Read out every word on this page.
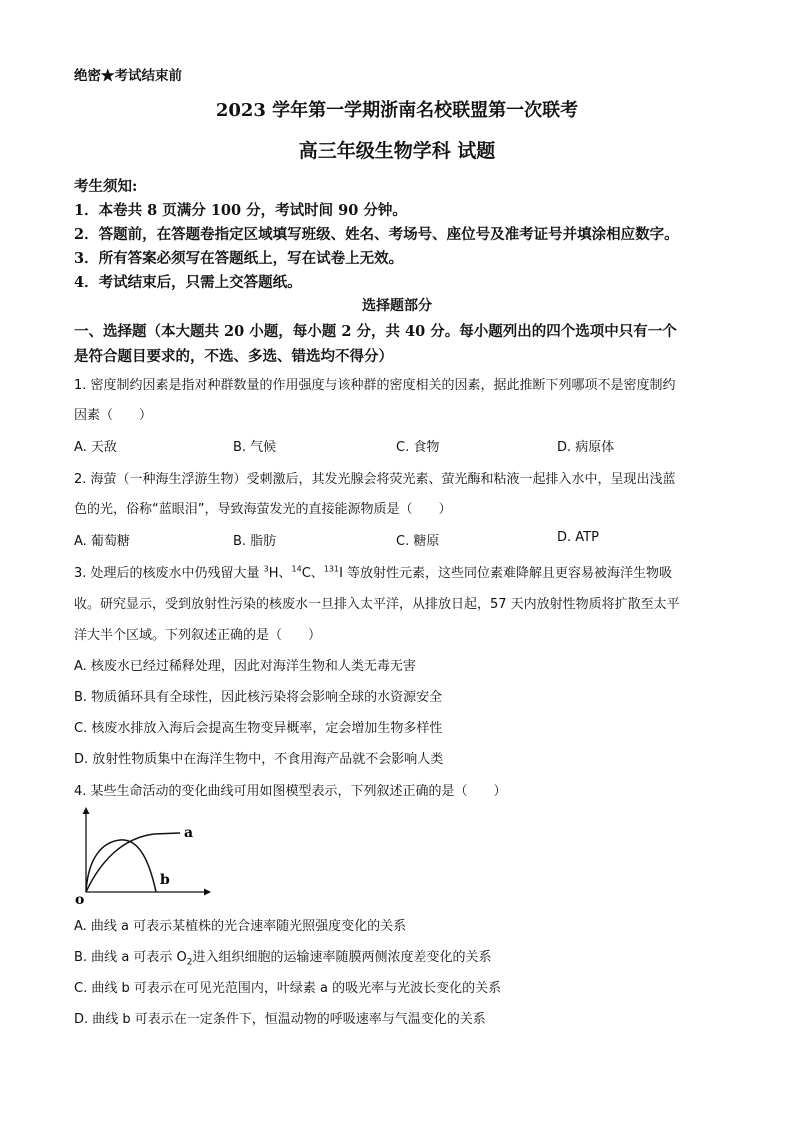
绝密★考试结束前
2023 学年第一学期浙南名校联盟第一次联考
高三年级生物学科 试题
考生须知:
1．本卷共 8 页满分 100 分，考试时间 90 分钟。
2．答题前，在答题卷指定区域填写班级、姓名、考场号、座位号及准考证号并填涂相应数字。
3．所有答案必须写在答题纸上，写在试卷上无效。
4．考试结束后，只需上交答题纸。
选择题部分
一、选择题（本大题共 20 小题，每小题 2 分，共 40 分。每小题列出的四个选项中只有一个
是符合题目要求的，不选、多选、错选均不得分）
1. 密度制约因素是指对种群数量的作用强度与该种群的密度相关的因素，据此推断下列哪项不是密度制约
因素（　　）
A. 天敌	B. 气候	C. 食物	D. 病原体
2. 海萤（一种海生浮游生物）受刺激后，其发光腺会将荧光素、萤光酶和粘液一起排入水中，呈现出浅蓝
色的光，俗称“蓝眼泪”，导致海萤发光的直接能源物质是（　　）
A. 葡萄糖	B. 脂肪	C. 糖原	D. ATP
3. 处理后的核废水中仍残留大量 $^3$H、$^{14}$C、$^{131}$I 等放射性元素，这些同位素难降解且更容易被海洋生物吸
收。研究显示，受到放射性污染的核废水一旦排入太平洋，从排放日起，57 天内放射性物质将扩散至太平
洋大半个区域。下列叙述正确的是（　　）
A. 核废水已经过稀释处理，因此对海洋生物和人类无毒无害
B. 物质循环具有全球性，因此核污染将会影响全球的水资源安全
C. 核废水排放入海后会提高生物变异概率，定会增加生物多样性
D. 放射性物质集中在海洋生物中，不食用海产品就不会影响人类
4. 某些生命活动的变化曲线可用如图模型表示，下列叙述正确的是（　　）
a
b
o
A. 曲线 a 可表示某植株的光合速率随光照强度变化的关系
B. 曲线 a 可表示 $O_2$进入组织细胞的运输速率随膜两侧浓度差变化的关系
C. 曲线 b 可表示在可见光范围内，叶绿素 a 的吸光率与光波长变化的关系
D. 曲线 b 可表示在一定条件下，恒温动物的呼吸速率与气温变化的关系
